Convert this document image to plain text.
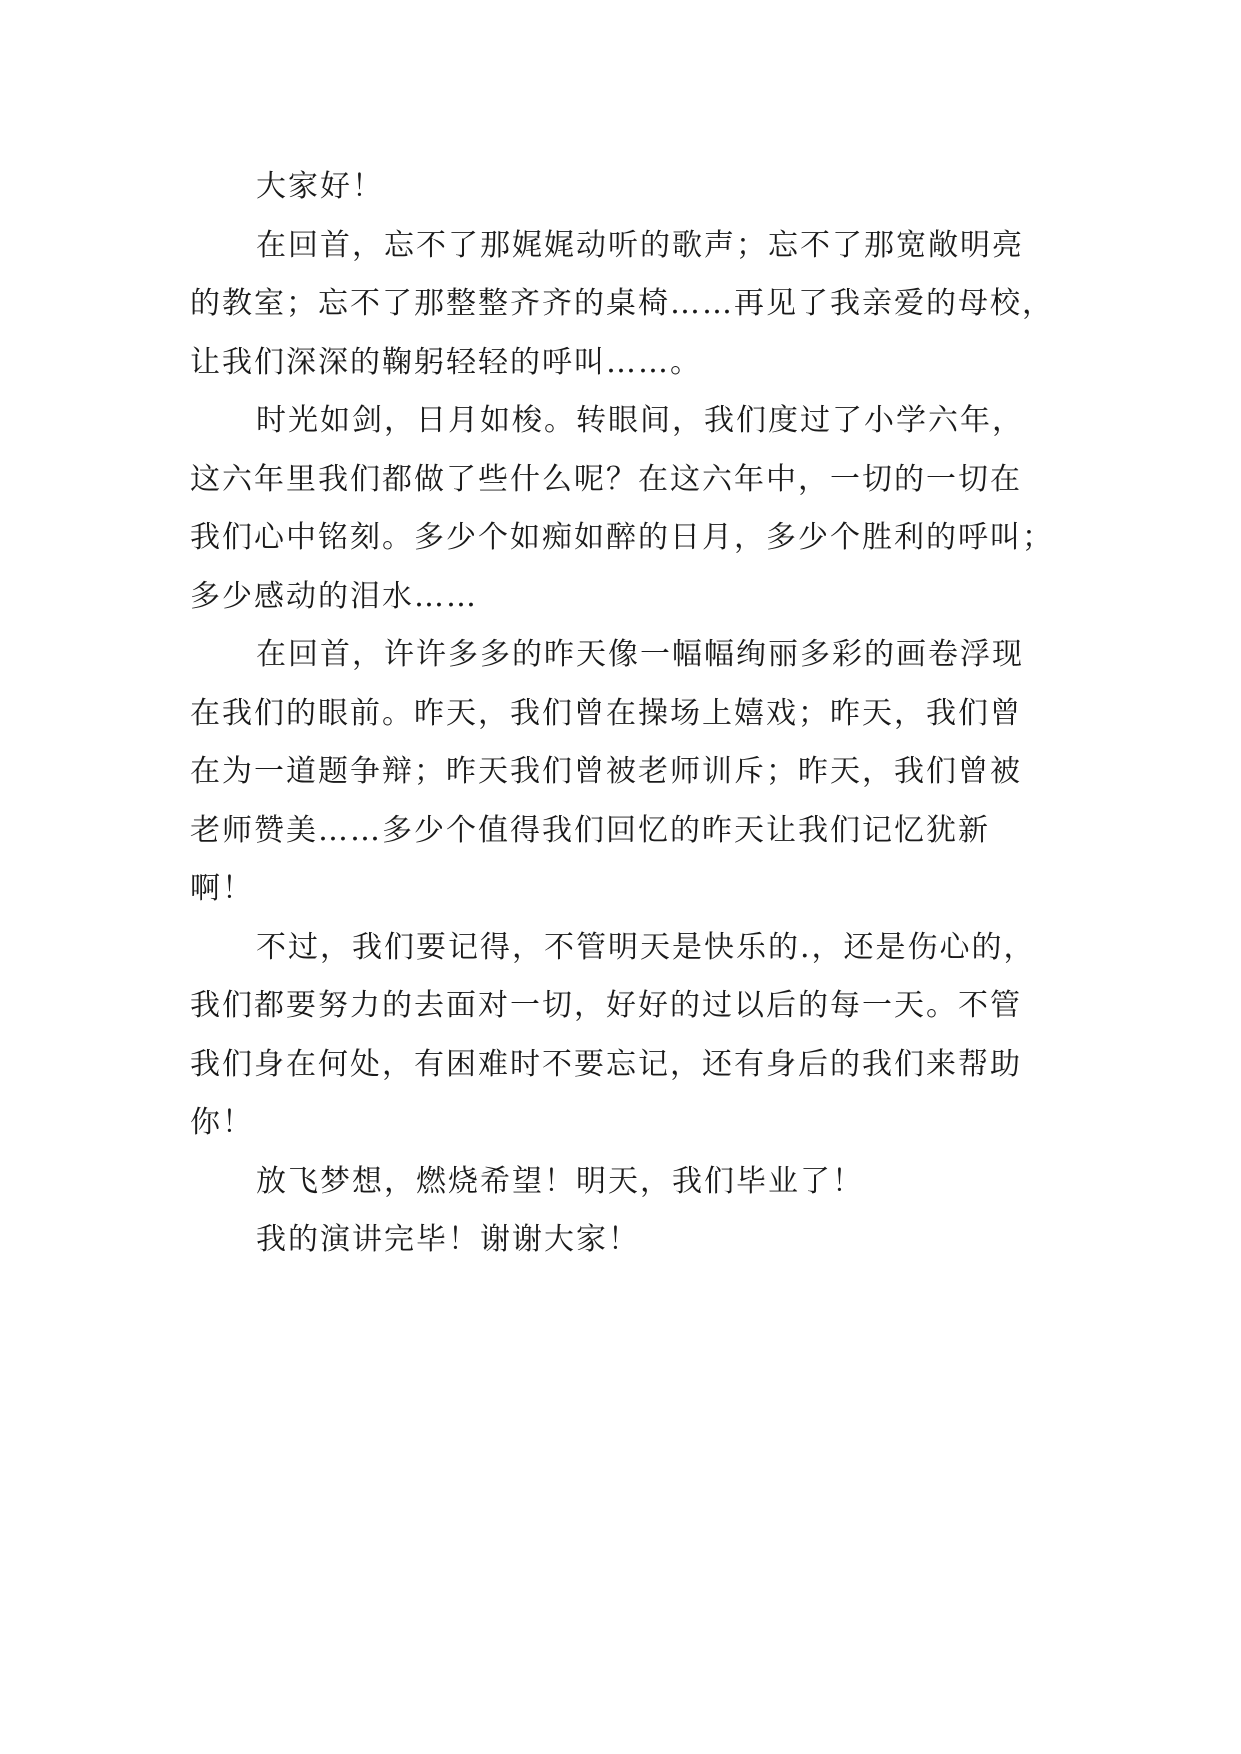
大家好！
在回首，忘不了那娓娓动听的歌声；忘不了那宽敞明亮
的教室；忘不了那整整齐齐的桌椅……再见了我亲爱的母校，
让我们深深的鞠躬轻轻的呼叫……。
时光如剑，日月如梭。转眼间，我们度过了小学六年，
这六年里我们都做了些什么呢？在这六年中，一切的一切在
我们心中铭刻。多少个如痴如醉的日月，多少个胜利的呼叫；
多少感动的泪水……
在回首，许许多多的昨天像一幅幅绚丽多彩的画卷浮现
在我们的眼前。昨天，我们曾在操场上嬉戏；昨天，我们曾
在为一道题争辩；昨天我们曾被老师训斥；昨天，我们曾被
老师赞美……多少个值得我们回忆的昨天让我们记忆犹新
啊！
不过，我们要记得，不管明天是快乐的.，还是伤心的，
我们都要努力的去面对一切，好好的过以后的每一天。不管
我们身在何处，有困难时不要忘记，还有身后的我们来帮助
你！
放飞梦想，燃烧希望！明天，我们毕业了！
我的演讲完毕！谢谢大家！
